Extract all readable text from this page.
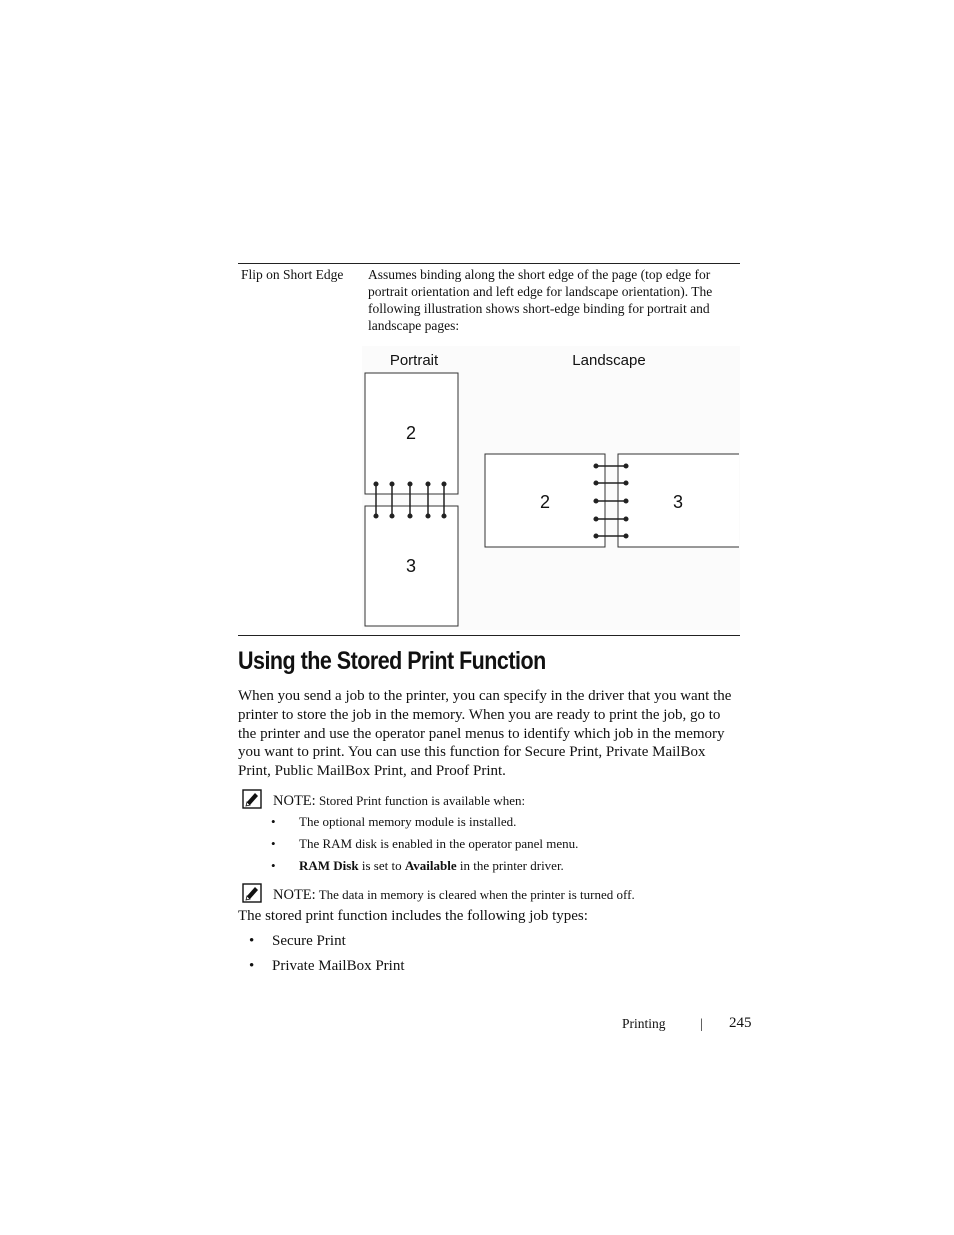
Flip on Short Edge Assumes binding along the short edge of the page (top edge for portrait orientation and left edge for landscape orientation). The following illustration shows short-edge binding for portrait and landscape pages:
Portrait	Landscape
2
3
2	3
Using the Stored Print Function
When you send a job to the printer, you can specify in the driver that you want the printer to store the job in the memory. When you are ready to print the job, go to the printer and use the operator panel menus to identify which job in the memory you want to print. You can use this function for Secure Print, Private MailBox Print, Public MailBox Print, and Proof Print.
NOTE: Stored Print function is available when:
• The optional memory module is installed.
• The RAM disk is enabled in the operator panel menu.
• RAM Disk is set to Available in the printer driver.
NOTE: The data in memory is cleared when the printer is turned off.
The stored print function includes the following job types:
• Secure Print
• Private MailBox Print
Printing	| 245
